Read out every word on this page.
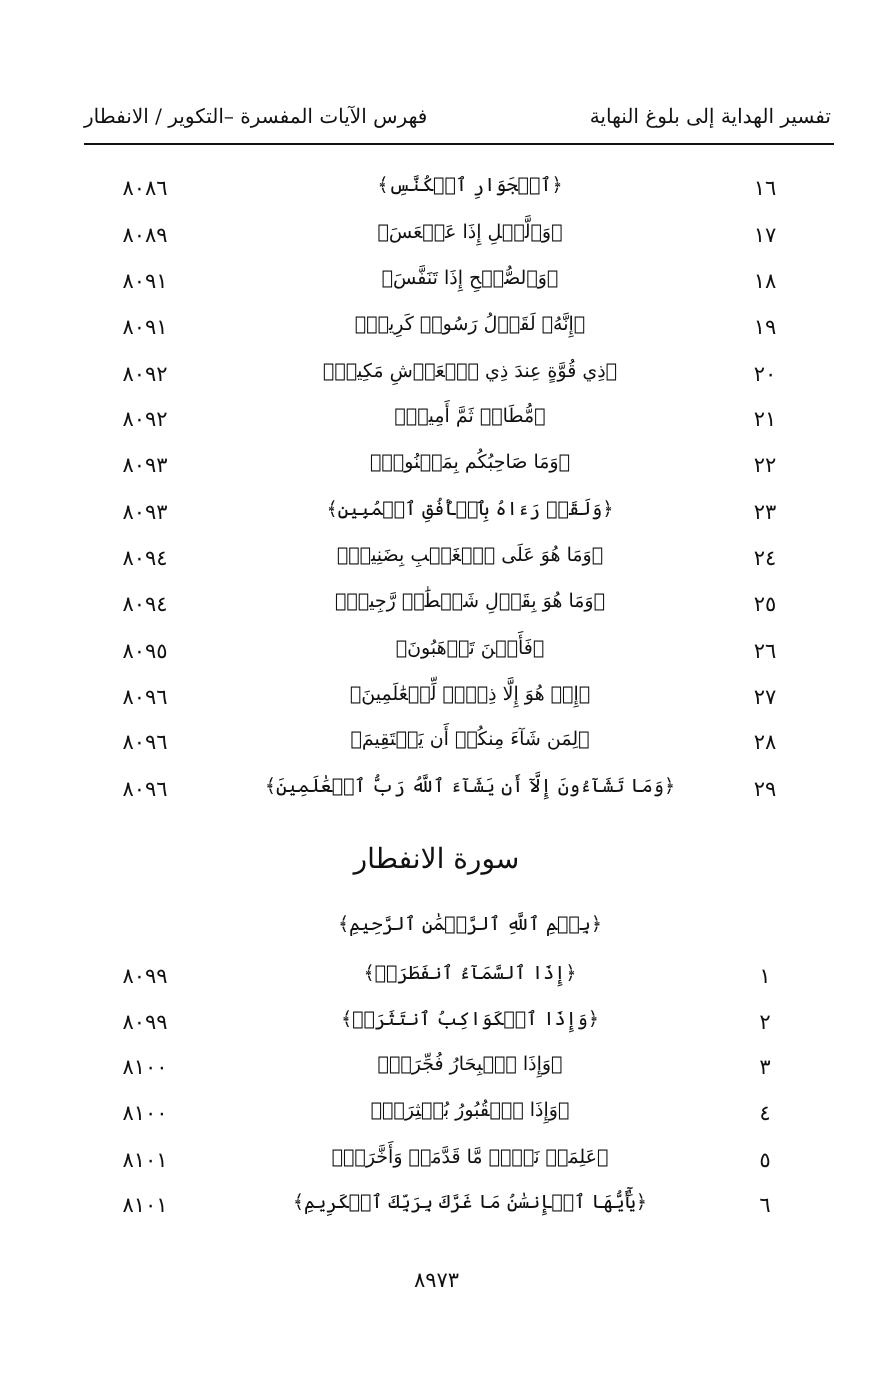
تفسير الهداية إلى بلوغ النهاية
فهرس الآيات المفسرة –التكوير / الانفطار
١٦
﴿ٱلۡجَوَارِ ٱلۡكُنَّسِ﴾
٨٠٨٦
١٧
﴿وَٱلَّيۡلِ إِذَا عَسۡعَسَ﴾
٨٠٨٩
١٨
﴿وَٱلصُّبۡحِ إِذَا تَنَفَّسَ﴾
٨٠٩١
١٩
﴿إِنَّهُۥ لَقَوۡلُ رَسُولٖ كَرِيمٖ﴾
٨٠٩١
٢٠
﴿ذِي قُوَّةٍ عِندَ ذِي ٱلۡعَرۡشِ مَكِينٖ﴾
٨٠٩٢
٢١
﴿مُّطَاعٖ ثَمَّ أَمِينٖ﴾
٨٠٩٢
٢٢
﴿وَمَا صَاحِبُكُم بِمَجۡنُونٖ﴾
٨٠٩٣
٢٣
﴿وَلَقَدۡ رَءَاهُ بِٱلۡأُفُقِ ٱلۡمُبِينِ﴾
٨٠٩٣
٢٤
﴿وَمَا هُوَ عَلَى ٱلۡغَيۡبِ بِضَنِينٖ﴾
٨٠٩٤
٢٥
﴿وَمَا هُوَ بِقَوۡلِ شَيۡطَٰنٖ رَّجِيمٖ﴾
٨٠٩٤
٢٦
﴿فَأَيۡنَ تَذۡهَبُونَ﴾
٨٠٩٥
٢٧
﴿إِنۡ هُوَ إِلَّا ذِكۡرٞ لِّلۡعَٰلَمِينَ﴾
٨٠٩٦
٢٨
﴿لِمَن شَآءَ مِنكُمۡ أَن يَسۡتَقِيمَ﴾
٨٠٩٦
٢٩
﴿وَمَا تَشَآءُونَ إِلَّآ أَن يَشَآءَ ٱللَّهُ رَبُّ ٱلۡعَٰلَمِينَ﴾
٨٠٩٦
سورة الانفطار
﴿بِسۡمِ ٱللَّهِ ٱلرَّحۡمَٰنِ ٱلرَّحِيمِ﴾
١
﴿إِذَا ٱلسَّمَآءُ ٱنفَطَرَتۡ﴾
٨٠٩٩
٢
﴿وَإِذَا ٱلۡكَوَاكِبُ ٱنتَثَرَتۡ﴾
٨٠٩٩
٣
﴿وَإِذَا ٱلۡبِحَارُ فُجِّرَتۡ﴾
٨١٠٠
٤
﴿وَإِذَا ٱلۡقُبُورُ بُعۡثِرَتۡ﴾
٨١٠٠
٥
﴿عَلِمَتۡ نَفۡسٞ مَّا قَدَّمَتۡ وَأَخَّرَتۡ﴾
٨١٠١
٦
﴿يَٰٓأَيُّهَا ٱلۡإِنسَٰنُ مَا غَرَّكَ بِرَبِّكَ ٱلۡكَرِيمِ﴾
٨١٠١
٨٩٧٣
